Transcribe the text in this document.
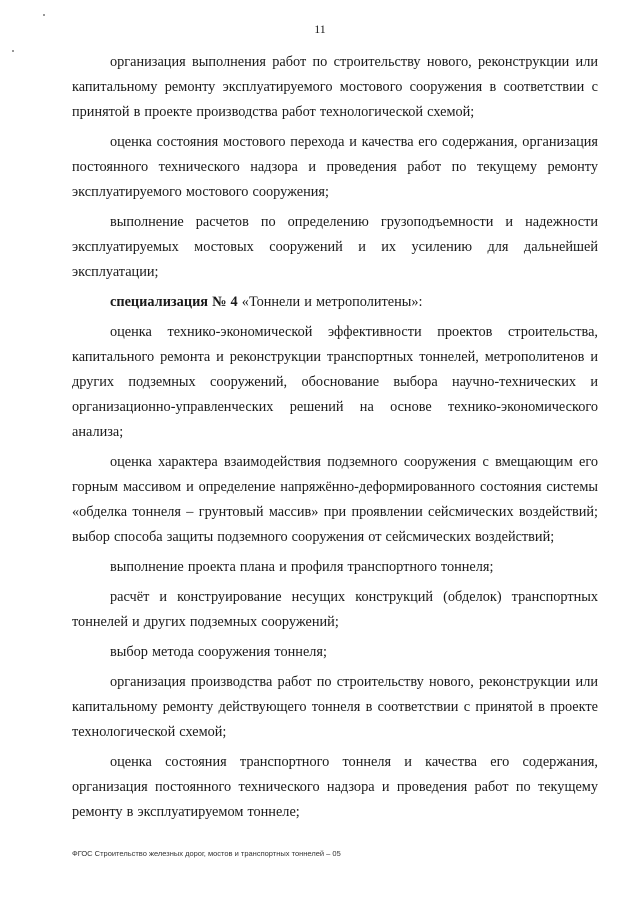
11

организация выполнения работ по строительству нового, реконструкции или капитальному ремонту эксплуатируемого мостового сооружения в соответствии с принятой в проекте производства работ технологической схемой;

оценка состояния мостового перехода и качества его содержания, организация постоянного технического надзора и проведения работ по текущему ремонту эксплуатируемого мостового сооружения;

выполнение расчетов по определению грузоподъемности и надежности эксплуатируемых мостовых сооружений и их усилению для дальнейшей эксплуатации;

специализация № 4 «Тоннели и метрополитены»:

оценка технико-экономической эффективности проектов строительства, капитального ремонта и реконструкции транспортных тоннелей, метрополитенов и других подземных сооружений, обоснование выбора научно-технических и организационно-управленческих решений на основе технико-экономического анализа;

оценка характера взаимодействия подземного сооружения с вмещающим его горным массивом и определение напряжённо-деформированного состояния системы «обделка тоннеля – грунтовый массив» при проявлении сейсмических воздействий; выбор способа защиты подземного сооружения от сейсмических воздействий;

выполнение проекта плана и профиля транспортного тоннеля;

расчёт и конструирование несущих конструкций (обделок) транспортных тоннелей и других подземных сооружений;

выбор метода сооружения тоннеля;

организация производства работ по строительству нового, реконструкции или капитальному ремонту действующего тоннеля в соответствии с принятой в проекте технологической схемой;

оценка состояния транспортного тоннеля и качества его содержания, организация постоянного технического надзора и проведения работ по текущему ремонту в эксплуатируемом тоннеле;

ФГОС Строительство железных дорог, мостов и транспортных тоннелей – 05
